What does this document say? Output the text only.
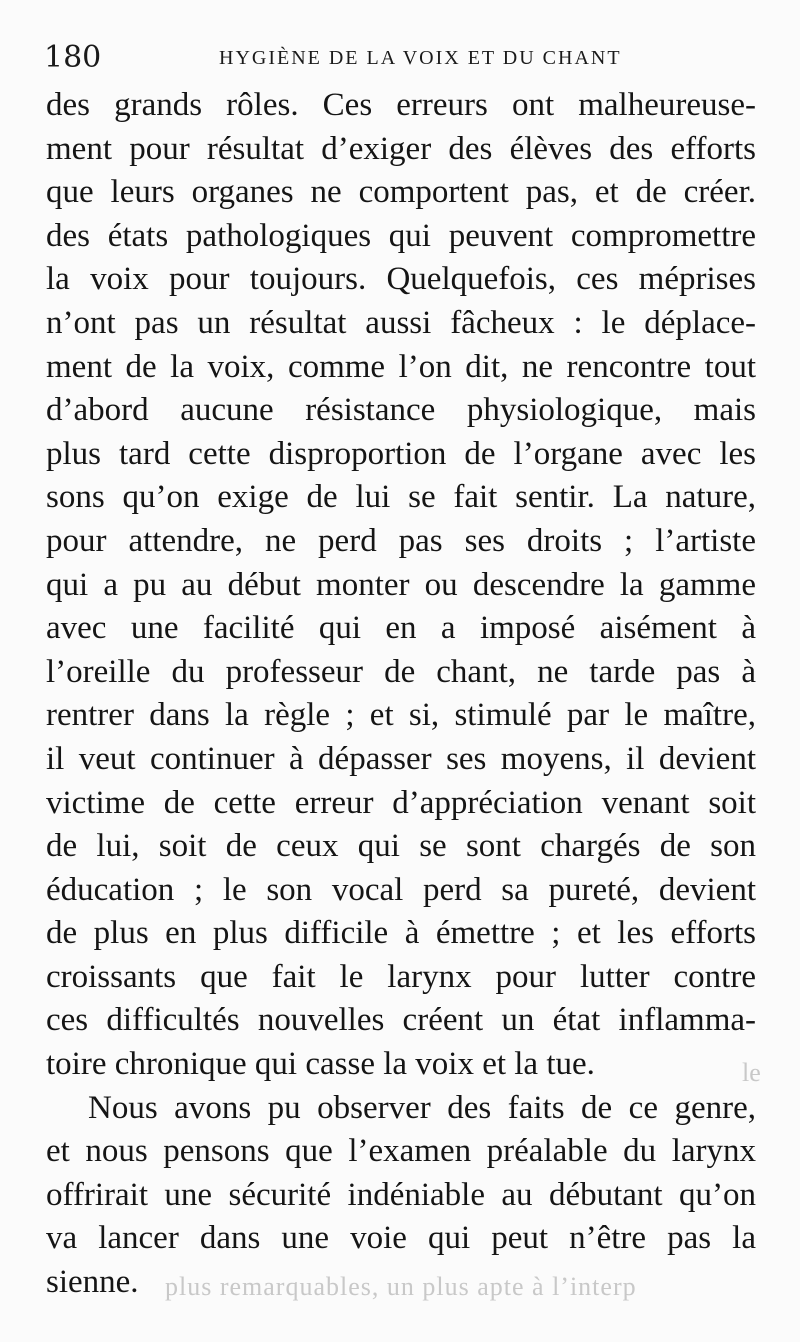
180	HYGIÈNE DE LA VOIX ET DU CHANT
des grands rôles. Ces erreurs ont malheureuse-
ment pour résultat d’exiger des élèves des efforts
que leurs organes ne comportent pas, et de créer.
des états pathologiques qui peuvent compromettre
la voix pour toujours. Quelquefois, ces méprises
n’ont pas un résultat aussi fâcheux : le déplace-
ment de la voix, comme l’on dit, ne rencontre tout
d’abord aucune résistance physiologique, mais
plus tard cette disproportion de l’organe avec les
sons qu’on exige de lui se fait sentir. La nature,
pour attendre, ne perd pas ses droits ; l’artiste
qui a pu au début monter ou descendre la gamme
avec une facilité qui en a imposé aisément à
l’oreille du professeur de chant, ne tarde pas à
rentrer dans la règle ; et si, stimulé par le maître,
il veut continuer à dépasser ses moyens, il devient
victime de cette erreur d’appréciation venant soit
de lui, soit de ceux qui se sont chargés de son
éducation ; le son vocal perd sa pureté, devient
de plus en plus difficile à émettre ; et les efforts
croissants que fait le larynx pour lutter contre
ces difficultés nouvelles créent un état inflamma-
toire chronique qui casse la voix et la tue.
Nous avons pu observer des faits de ce genre,
et nous pensons que l’examen préalable du larynx
offrirait une sécurité indéniable au débutant qu’on
va lancer dans une voie qui peut n’être pas la
sienne.
le
plus remarquables, un plus apte à l’interp
